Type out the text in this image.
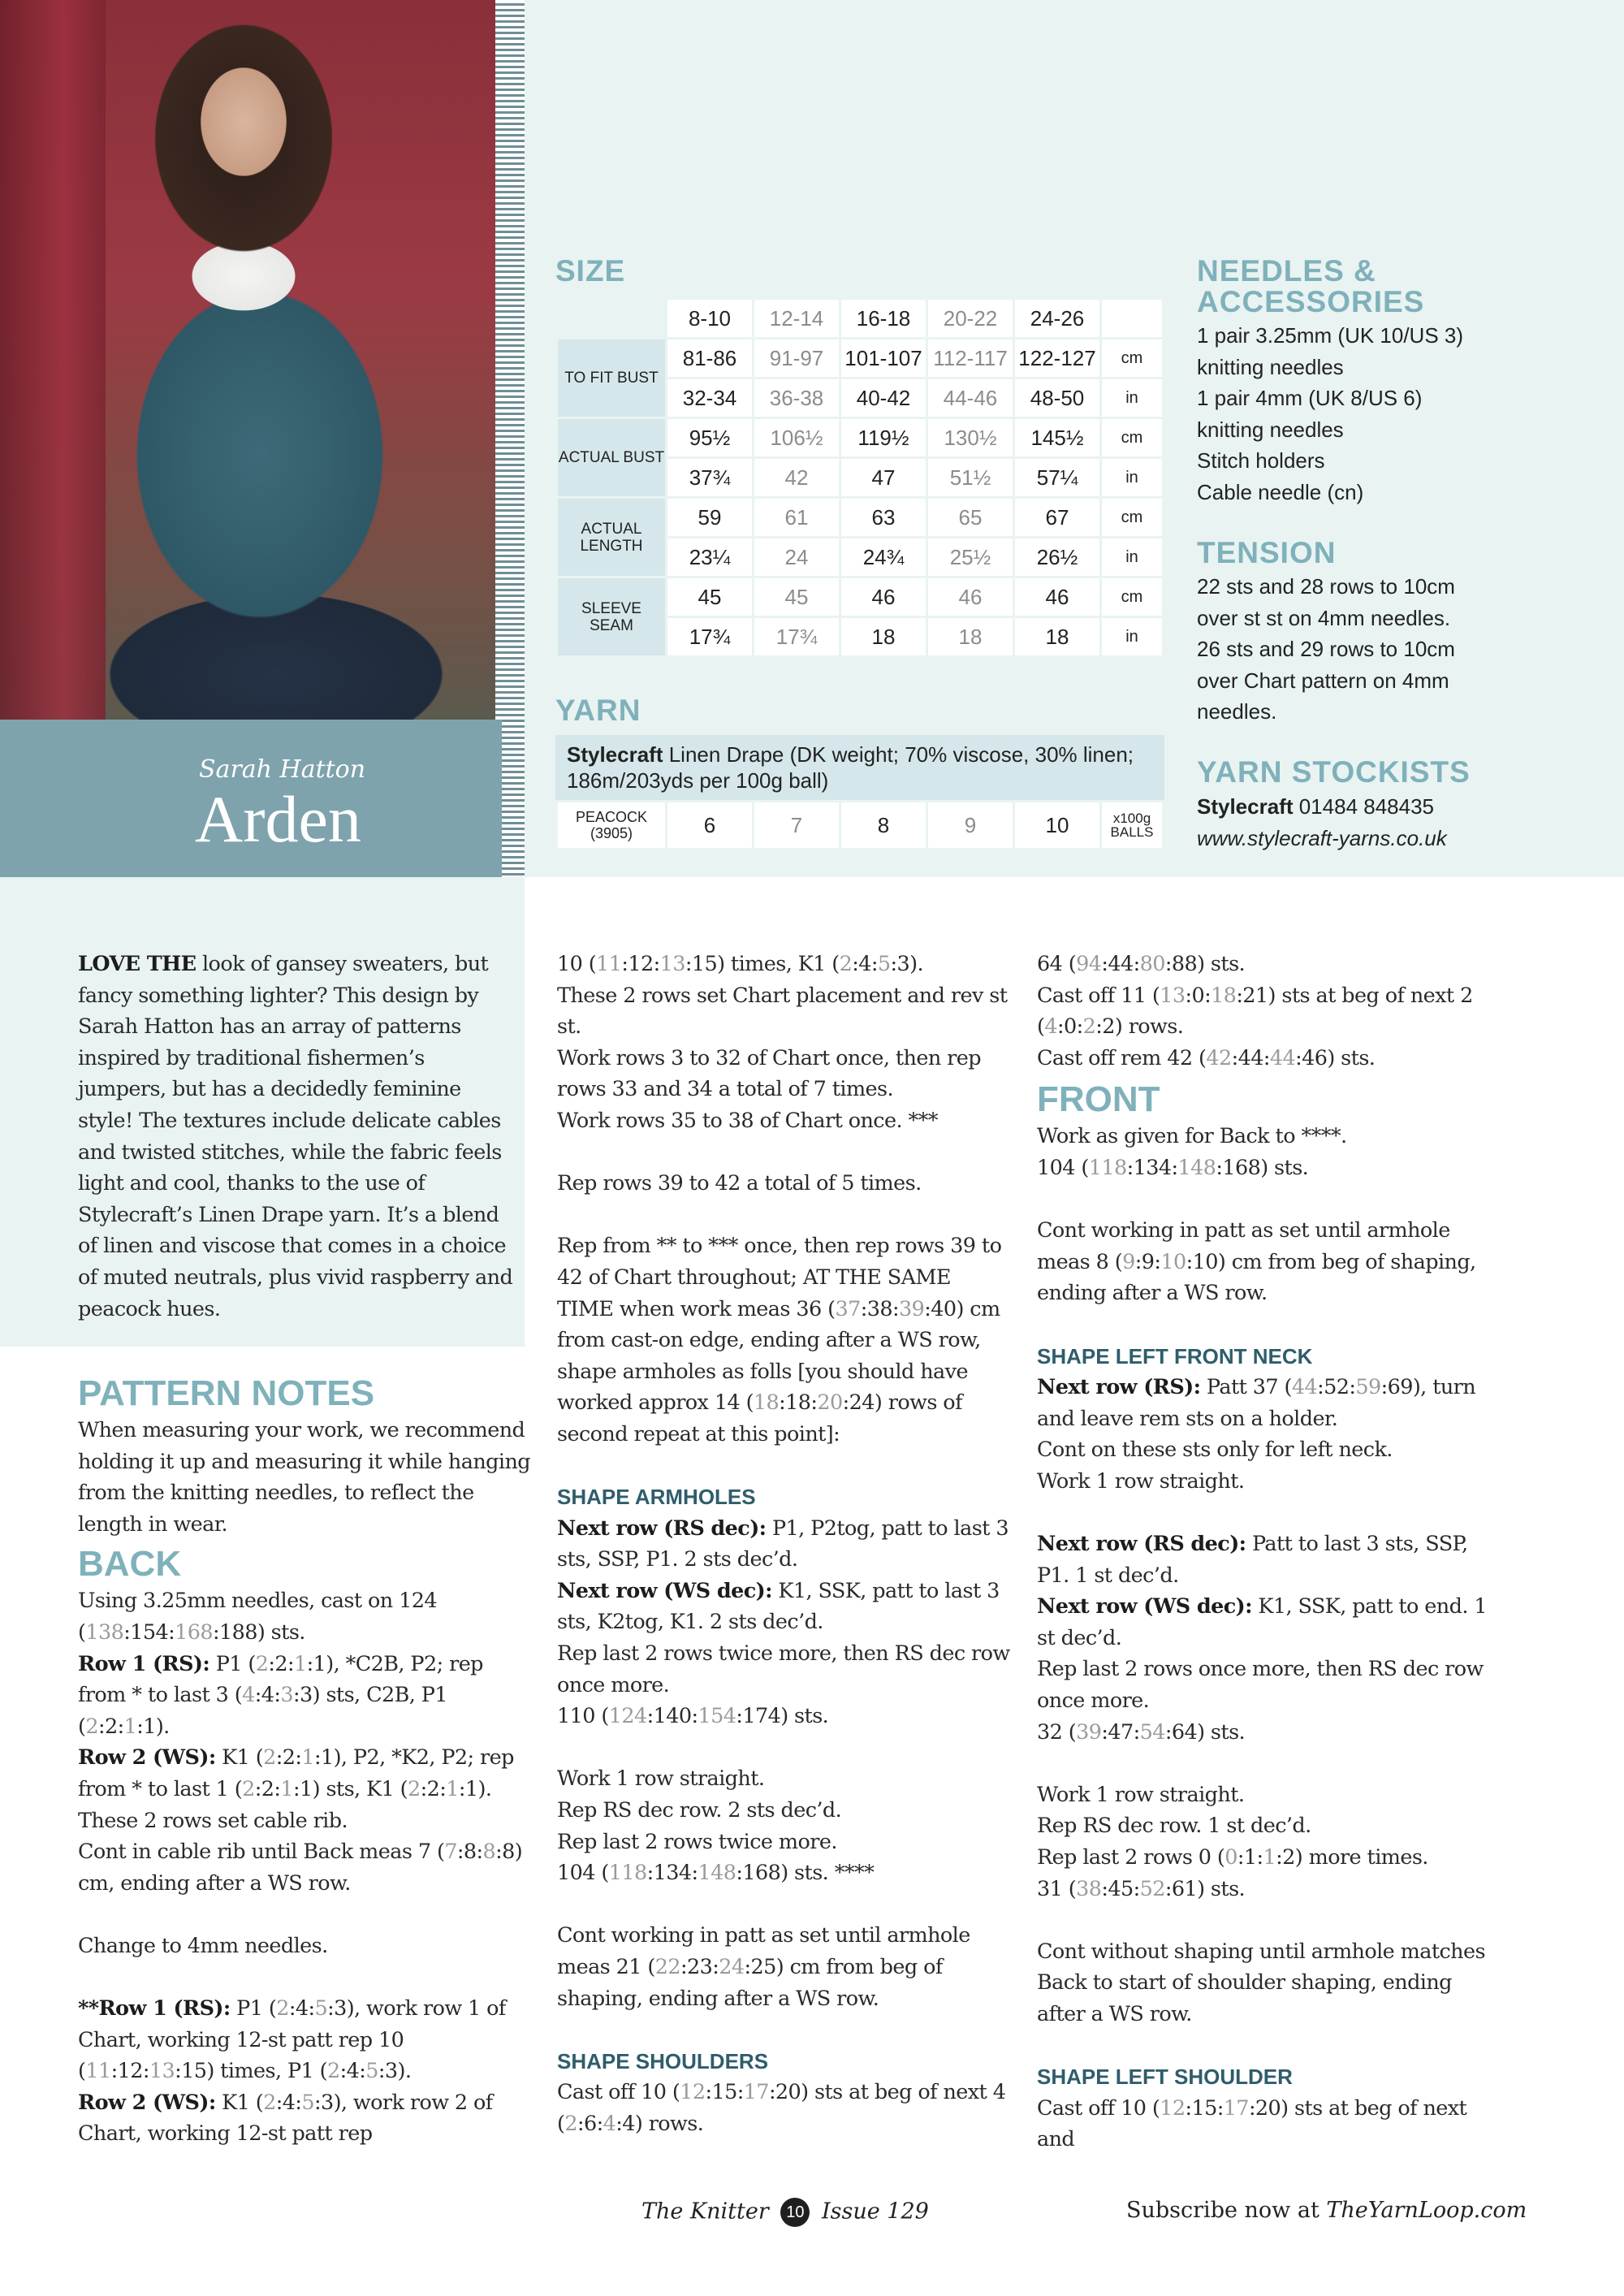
Sarah Hatton
Arden
SIZE
	8-10	12-14	16-18	20-22	24-26	
TO FIT BUST	81-86	91-97	101-107	112-117	122-127	cm
	32-34	36-38	40-42	44-46	48-50	in
ACTUAL BUST	95½	106½	119½	130½	145½	cm
	37¾	42	47	51½	57¼	in
ACTUAL LENGTH	59	61	63	65	67	cm
	23¼	24	24¾	25½	26½	in
SLEEVE SEAM	45	45	46	46	46	cm
	17¾	17¾	18	18	18	in
YARN
Stylecraft Linen Drape (DK weight; 70% viscose, 30% linen; 186m/203yds per 100g ball)
PEACOCK
(3905)	6	7	8	9	10	x100g
BALLS
NEEDLES &
ACCESSORIES
1 pair 3.25mm (UK 10/US 3)
knitting needles
1 pair 4mm (UK 8/US 6)
knitting needles
Stitch holders
Cable needle (cn)
TENSION
22 sts and 28 rows to 10cm
over st st on 4mm needles.
26 sts and 29 rows to 10cm
over Chart pattern on 4mm
needles.
YARN STOCKISTS
Stylecraft 01484 848435
www.stylecraft-yarns.co.uk

LOVE THE look of gansey sweaters, but fancy something lighter? This design by Sarah Hatton has an array of patterns inspired by traditional fishermen’s jumpers, but has a decidedly feminine style! The textures include delicate cables and twisted stitches, while the fabric feels light and cool, thanks to the use of Stylecraft’s Linen Drape yarn. It’s a blend of linen and viscose that comes in a choice of muted neutrals, plus vivid raspberry and peacock hues.

PATTERN NOTES

When measuring your work, we recommend holding it up and measuring it while hanging from the knitting needles, to reflect the length in wear.

BACK

Using 3.25mm needles, cast on 124 (138:154:168:188) sts.

Row 1 (RS): P1 (2:2:1:1), *C2B, P2; rep from * to last 3 (4:4:3:3) sts, C2B, P1 (2:2:1:1).

Row 2 (WS): K1 (2:2:1:1), P2, *K2, P2; rep from * to last 1 (2:2:1:1) sts, K1 (2:2:1:1).

These 2 rows set cable rib.

Cont in cable rib until Back meas 7 (7:8:8:8) cm, ending after a WS row.

Change to 4mm needles.

**Row 1 (RS): P1 (2:4:5:3), work row 1 of Chart, working 12-st patt rep 10 (11:12:13:15) times, P1 (2:4:5:3).

Row 2 (WS): K1 (2:4:5:3), work row 2 of Chart, working 12-st patt rep

10 (11:12:13:15) times, K1 (2:4:5:3).

These 2 rows set Chart placement and rev st st.

Work rows 3 to 32 of Chart once, then rep rows 33 and 34 a total of 7 times.

Work rows 35 to 38 of Chart once. ***

Rep rows 39 to 42 a total of 5 times.

Rep from ** to *** once, then rep rows 39 to 42 of Chart throughout; AT THE SAME TIME when work meas 36 (37:38:39:40) cm from cast-on edge, ending after a WS row, shape armholes as folls [you should have worked approx 14 (18:18:20:24) rows of second repeat at this point]:

SHAPE ARMHOLES

Next row (RS dec): P1, P2tog, patt to last 3 sts, SSP, P1. 2 sts dec’d.

Next row (WS dec): K1, SSK, patt to last 3 sts, K2tog, K1. 2 sts dec’d.

Rep last 2 rows twice more, then RS dec row once more.

110 (124:140:154:174) sts.

Work 1 row straight.

Rep RS dec row. 2 sts dec’d.

Rep last 2 rows twice more.

104 (118:134:148:168) sts. ****

Cont working in patt as set until armhole meas 21 (22:23:24:25) cm from beg of shaping, ending after a WS row.

SHAPE SHOULDERS

Cast off 10 (12:15:17:20) sts at beg of next 4 (2:6:4:4) rows.

64 (94:44:80:88) sts.

Cast off 11 (13:0:18:21) sts at beg of next 2 (4:0:2:2) rows.

Cast off rem 42 (42:44:44:46) sts.

FRONT

Work as given for Back to ****.

104 (118:134:148:168) sts.

Cont working in patt as set until armhole meas 8 (9:9:10:10) cm from beg of shaping, ending after a WS row.

SHAPE LEFT FRONT NECK

Next row (RS): Patt 37 (44:52:59:69), turn and leave rem sts on a holder.

Cont on these sts only for left neck.

Work 1 row straight.

Next row (RS dec): Patt to last 3 sts, SSP, P1. 1 st dec’d.

Next row (WS dec): K1, SSK, patt to end. 1 st dec’d.

Rep last 2 rows once more, then RS dec row once more.

32 (39:47:54:64) sts.

Work 1 row straight.

Rep RS dec row. 1 st dec’d.

Rep last 2 rows 0 (0:1:1:2) more times.

31 (38:45:52:61) sts.

Cont without shaping until armhole matches Back to start of shoulder shaping, ending after a WS row.

SHAPE LEFT SHOULDER

Cast off 10 (12:15:17:20) sts at beg of next and

The Knitter 10 Issue 129	Subscribe now at TheYarnLoop.com
